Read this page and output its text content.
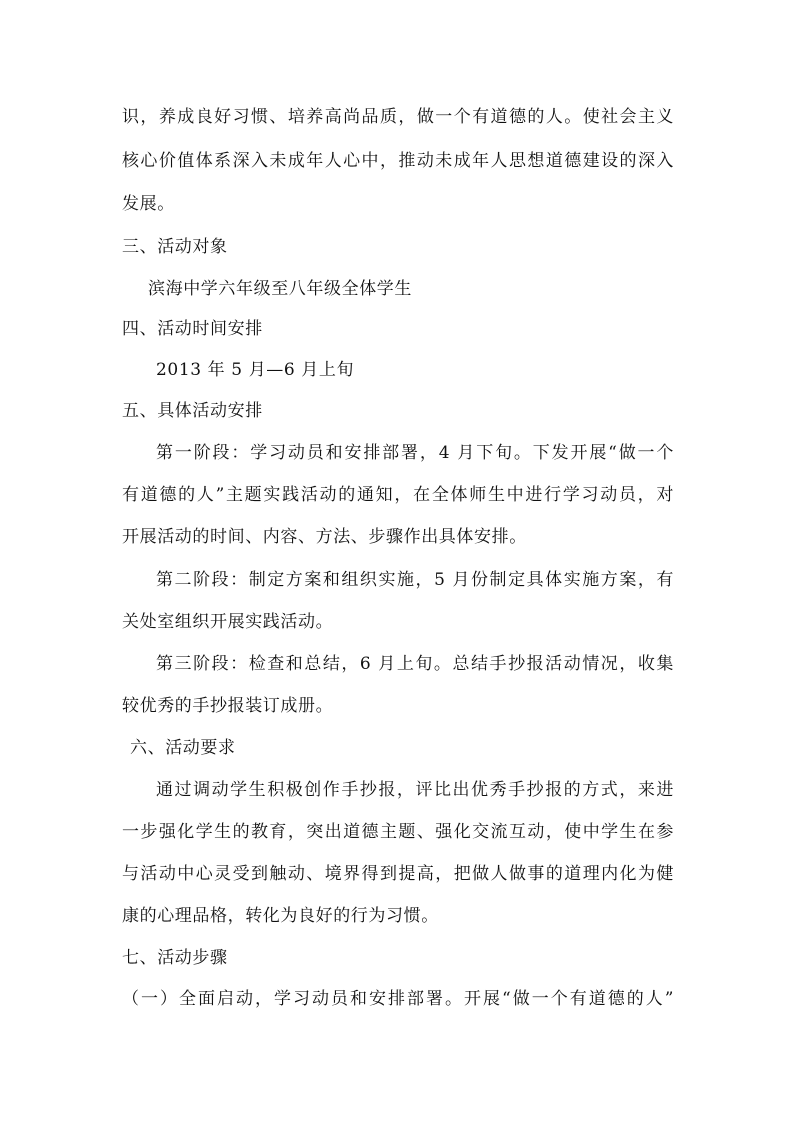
识，养成良好习惯、培养高尚品质，做一个有道德的人。使社会主义
核心价值体系深入未成年人心中，推动未成年人思想道德建设的深入
发展。
三、活动对象
滨海中学六年级至八年级全体学生
四、活动时间安排
2013 年 5 月—6 月上旬
五、具体活动安排
第一阶段：学习动员和安排部署，4 月下旬。下发开展“做一个
有道德的人”主题实践活动的通知，在全体师生中进行学习动员，对
开展活动的时间、内容、方法、步骤作出具体安排。
第二阶段：制定方案和组织实施，5 月份制定具体实施方案，有
关处室组织开展实践活动。
第三阶段：检查和总结，6 月上旬。总结手抄报活动情况，收集
较优秀的手抄报装订成册。
六、活动要求
通过调动学生积极创作手抄报，评比出优秀手抄报的方式，来进
一步强化学生的教育，突出道德主题、强化交流互动，使中学生在参
与活动中心灵受到触动、境界得到提高，把做人做事的道理内化为健
康的心理品格，转化为良好的行为习惯。
七、活动步骤
（一）全面启动，学习动员和安排部署。开展“做一个有道德的人”
